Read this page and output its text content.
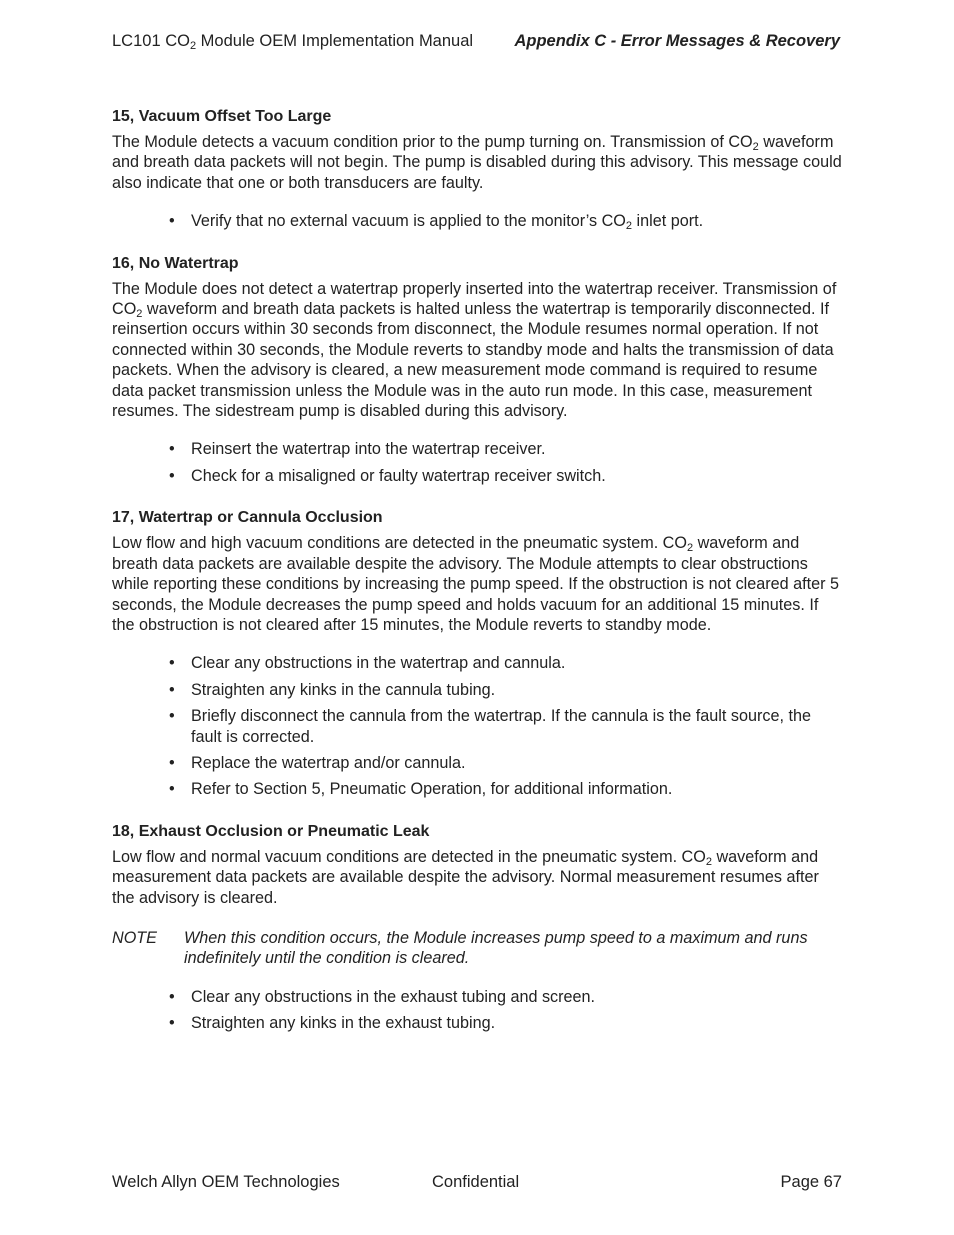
LC101 $CO_2$ Module OEM Implementation Manual	Appendix C - Error Messages & Recovery
15, Vacuum Offset Too Large

The Module detects a vacuum condition prior to the pump turning on. Transmission of $CO_2$ waveform and breath data packets will not begin. The pump is disabled during this advisory. This message could also indicate that one or both transducers are faulty.

• Verify that no external vacuum is applied to the monitor’s $CO_2$ inlet port.
16, No Watertrap

The Module does not detect a watertrap properly inserted into the watertrap receiver. Transmission of $CO_2$ waveform and breath data packets is halted unless the watertrap is temporarily disconnected. If reinsertion occurs within 30 seconds from disconnect, the Module resumes normal operation. If not connected within 30 seconds, the Module reverts to standby mode and halts the transmission of data packets. When the advisory is cleared, a new measurement mode command is required to resume data packet transmission unless the Module was in the auto run mode. In this case, measurement resumes. The sidestream pump is disabled during this advisory.

• Reinsert the watertrap into the watertrap receiver.
• Check for a misaligned or faulty watertrap receiver switch.
17, Watertrap or Cannula Occlusion

Low flow and high vacuum conditions are detected in the pneumatic system. $CO_2$ waveform and breath data packets are available despite the advisory. The Module attempts to clear obstructions while reporting these conditions by increasing the pump speed. If the obstruction is not cleared after 5 seconds, the Module decreases the pump speed and holds vacuum for an additional 15 minutes. If the obstruction is not cleared after 15 minutes, the Module reverts to standby mode.

• Clear any obstructions in the watertrap and cannula.
• Straighten any kinks in the cannula tubing.
• Briefly disconnect the cannula from the watertrap. If the cannula is the fault source, the fault is corrected.
• Replace the watertrap and/or cannula.
• Refer to Section 5, Pneumatic Operation, for additional information.
18, Exhaust Occlusion or Pneumatic Leak

Low flow and normal vacuum conditions are detected in the pneumatic system. $CO_2$ waveform and measurement data packets are available despite the advisory. Normal measurement resumes after the advisory is cleared.

NOTE	When this condition occurs, the Module increases pump speed to a maximum and runs indefinitely until the condition is cleared.
• Clear any obstructions in the exhaust tubing and screen.
• Straighten any kinks in the exhaust tubing.
Welch Allyn OEM Technologies	Confidential	Page 67
